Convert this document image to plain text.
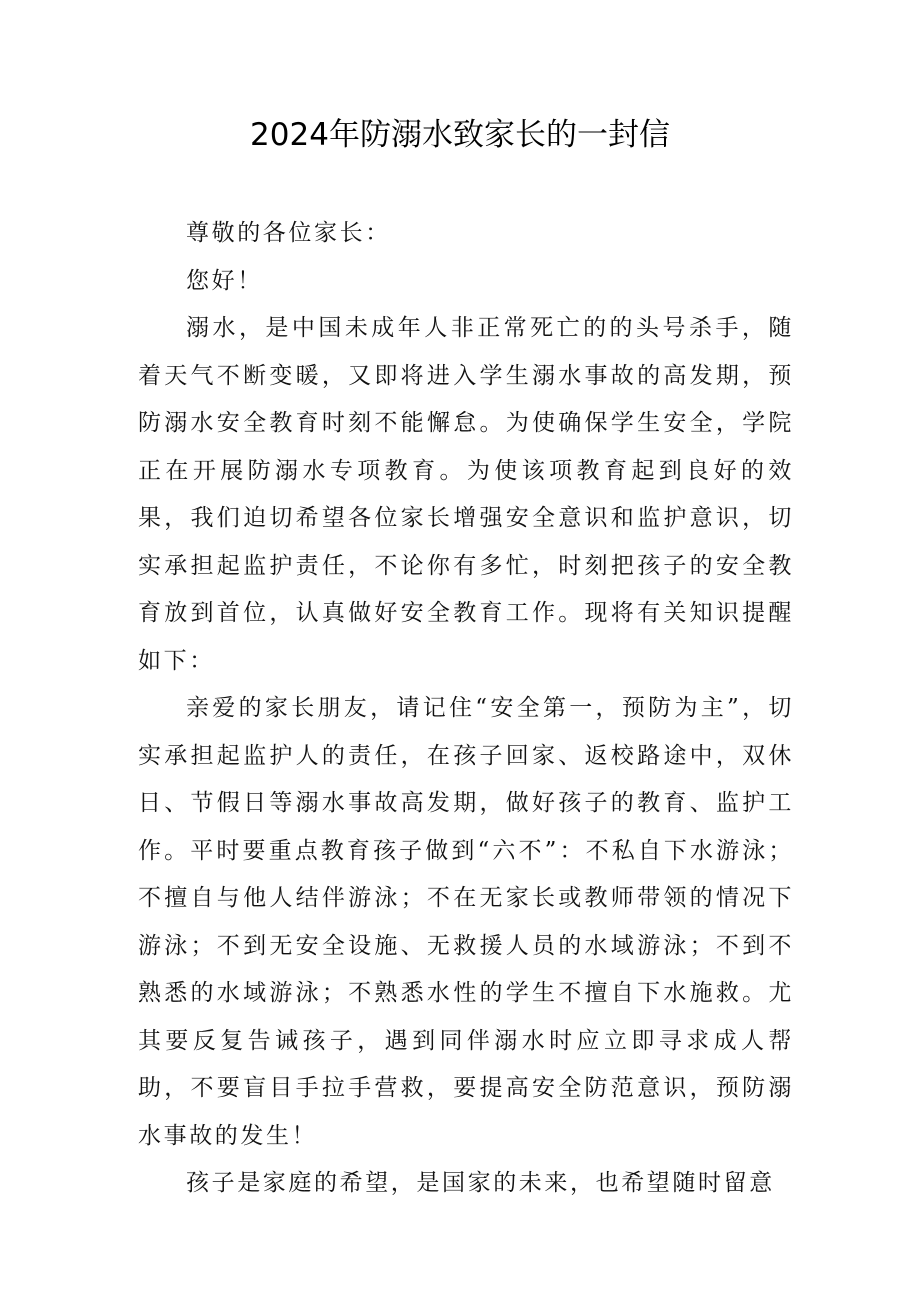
2024年防溺水致家长的一封信

尊敬的各位家长：

您好！

溺水，是中国未成年人非正常死亡的的头号杀手，随着天气不断变暖，又即将进入学生溺水事故的高发期，预防溺水安全教育时刻不能懈怠。为使确保学生安全，学院正在开展防溺水专项教育。为使该项教育起到良好的效果，我们迫切希望各位家长增强安全意识和监护意识，切实承担起监护责任，不论你有多忙，时刻把孩子的安全教育放到首位，认真做好安全教育工作。现将有关知识提醒如下：

亲爱的家长朋友，请记住“安全第一，预防为主”，切实承担起监护人的责任，在孩子回家、返校路途中，双休日、节假日等溺水事故高发期，做好孩子的教育、监护工作。平时要重点教育孩子做到“六不”：不私自下水游泳；不擅自与他人结伴游泳；不在无家长或教师带领的情况下游泳；不到无安全设施、无救援人员的水域游泳；不到不熟悉的水域游泳；不熟悉水性的学生不擅自下水施救。尤其要反复告诫孩子，遇到同伴溺水时应立即寻求成人帮助，不要盲目手拉手营救，要提高安全防范意识，预防溺水事故的发生！

孩子是家庭的希望，是国家的未来，也希望随时留意
